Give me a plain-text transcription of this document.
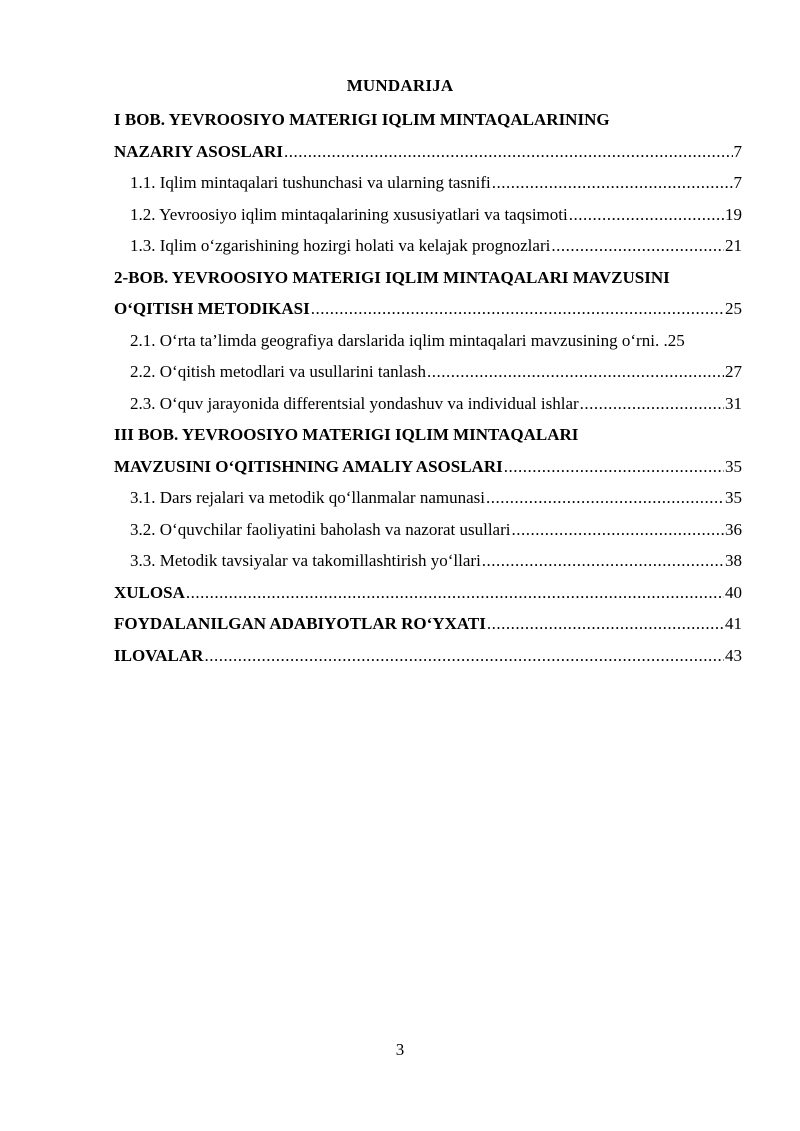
MUNDARIJA
I BOB. YEVROOSIYO MATERIGI IQLIM MINTAQALARINING
NAZARIY ASOSLARI .....	7
1.1. Iqlim mintaqalari tushunchasi va ularning tasnifi .....	7
1.2. Yevroosiyo iqlim mintaqalarining xususiyatlari va taqsimoti .....	19
1.3. Iqlim o‘zgarishining hozirgi holati va kelajak prognozlari .....	21
2-BOB. YEVROOSIYO MATERIGI IQLIM MINTAQALARI MAVZUSINI
O‘QITISH METODIKASI .....	25
2.1. O‘rta ta’limda geografiya darslarida iqlim mintaqalari mavzusining o‘rni. . 25
2.2. O‘qitish metodlari va usullarini tanlash .....	27
2.3. O‘quv jarayonida differentsial yondashuv va individual ishlar .....	31
III BOB. YEVROOSIYO MATERIGI IQLIM MINTAQALARI
MAVZUSINI O‘QITISHNING AMALIY ASOSLARI .....	35
3.1. Dars rejalari va metodik qo‘llanmalar namunasi .....	35
3.2. O‘quvchilar faoliyatini baholash va nazorat usullari .....	36
3.3. Metodik tavsiyalar va takomillashtirish yo‘llari .....	38
XULOSA .....	40
FOYDALANILGAN ADABIYOTLAR RO‘YXATI .....	41
ILOVALAR .....	43
3
